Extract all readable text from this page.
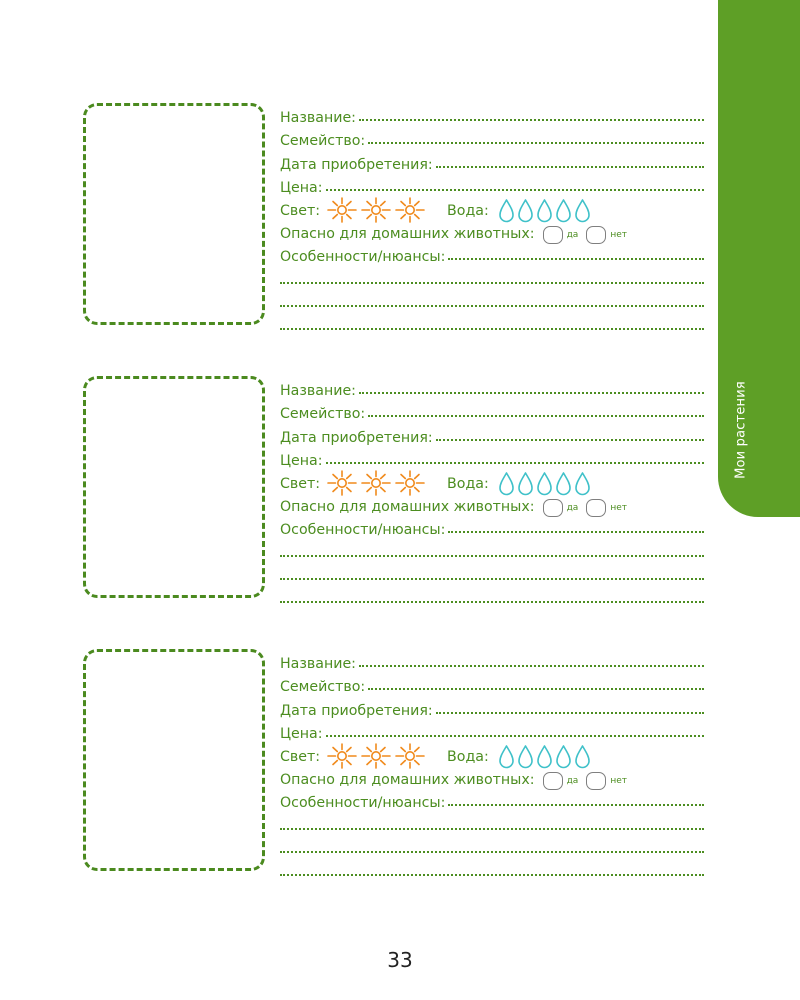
Мои растения
Название:
Семейство:
Дата приобретения:
Цена:
Свет:	Вода:
Опасно для домашних животных:	да	нет
Особенности/нюансы:
Название:
Семейство:
Дата приобретения:
Цена:
Свет:	Вода:
Опасно для домашних животных:	да	нет
Особенности/нюансы:
Название:
Семейство:
Дата приобретения:
Цена:
Свет:	Вода:
Опасно для домашних животных:	да	нет
Особенности/нюансы:
33
